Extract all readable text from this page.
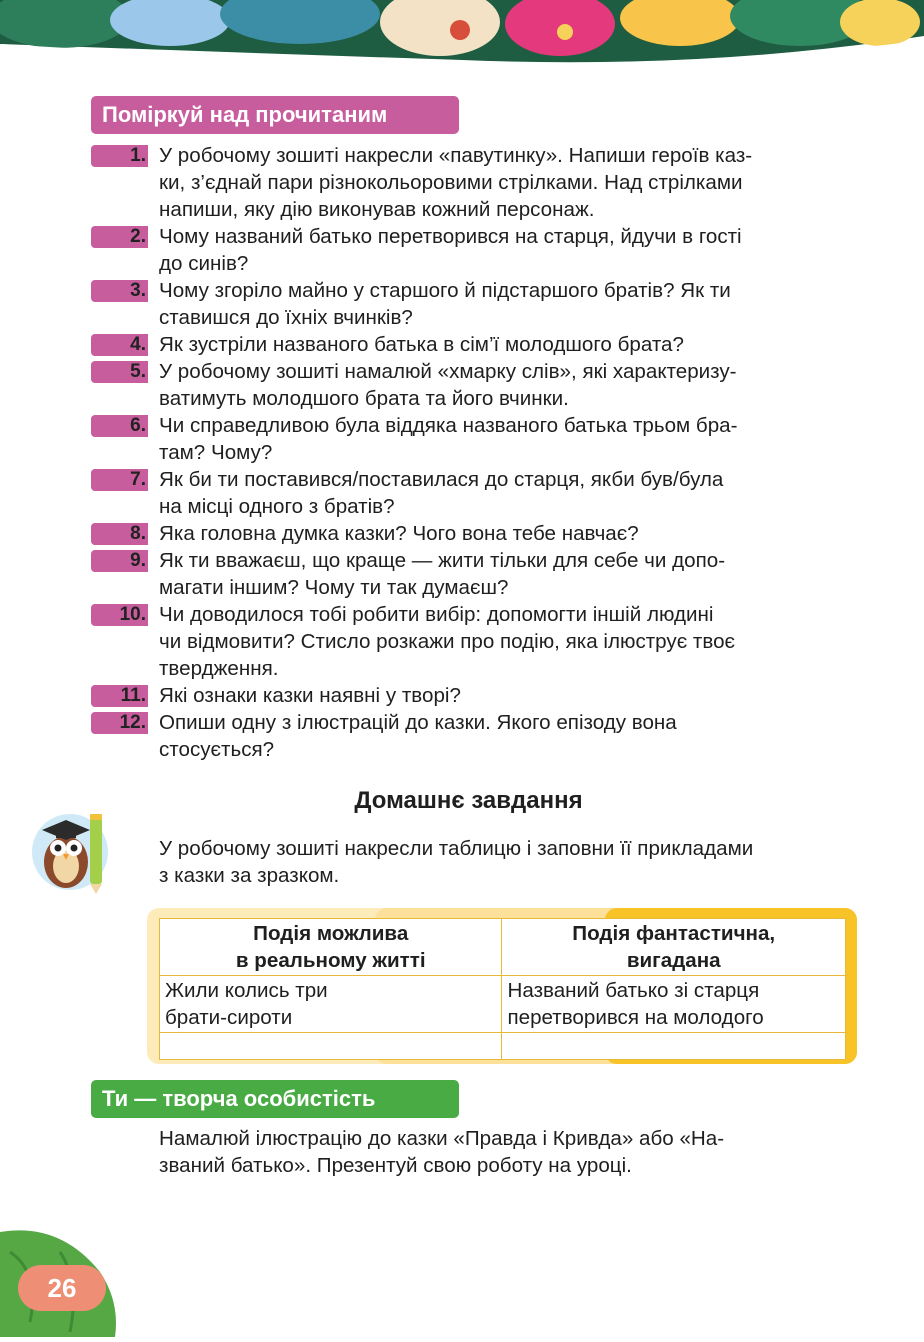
Поміркуй над прочитаним
1. У робочому зошиті накресли «павутинку». Напиши героїв каз-
ки, з’єднай пари різнокольоровими стрілками. Над стрілками
напиши, яку дію виконував кожний персонаж.
2. Чому названий батько перетворився на старця, йдучи в гості
до синів?
3. Чому згоріло майно у старшого й підстаршого братів? Як ти
ставишся до їхніх вчинків?
4. Як зустріли названого батька в сім’ї молодшого брата?
5. У робочому зошиті намалюй «хмарку слів», які характеризу-
ватимуть молодшого брата та його вчинки.
6. Чи справедливою була віддяка названого батька трьом бра-
там? Чому?
7. Як би ти поставився/поставилася до старця, якби був/була
на місці одного з братів?
8. Яка головна думка казки? Чого вона тебе навчає?
9. Як ти вважаєш, що краще — жити тільки для себе чи допо-
магати іншим? Чому ти так думаєш?
10. Чи доводилося тобі робити вибір: допомогти іншій людині
чи відмовити? Стисло розкажи про подію, яка ілюструє твоє
твердження.
11. Які ознаки казки наявні у творі?
12. Опиши одну з ілюстрацій до казки. Якого епізоду вона
стосується?
Домашнє завдання
У робочому зошиті накресли таблицю і заповни її прикладами
з казки за зразком.
Подія можлива
в реальному житті	Подія фантастична,
вигадана

Жили колись три
брати-сироти	Названий батько зі старця
перетворився на молодого

Ти — творча особистість
Намалюй ілюстрацію до казки «Правда і Кривда» або «На-
званий батько». Презентуй свою роботу на уроці.
26
